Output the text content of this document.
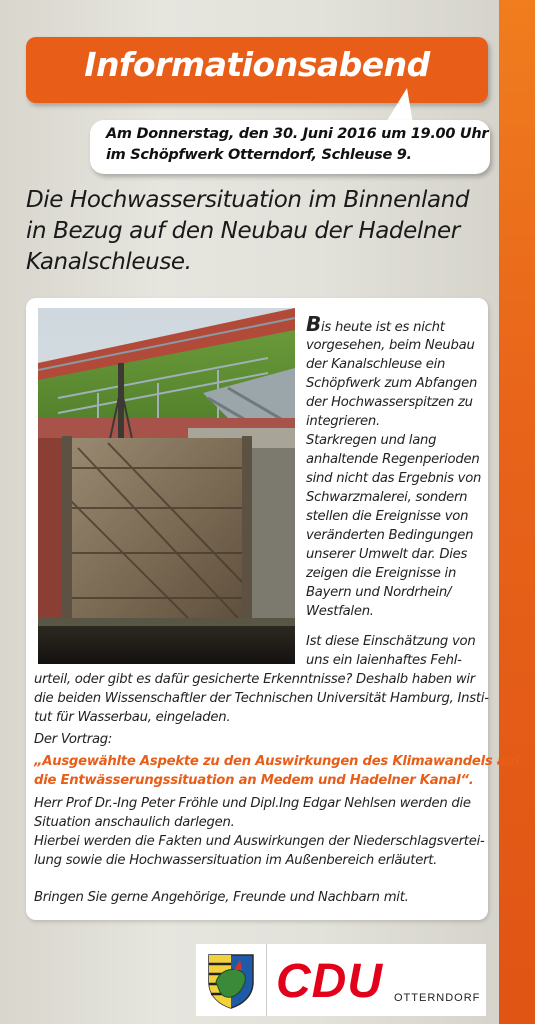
Informationsabend
Am Donnerstag, den 30. Juni 2016 um 19.00 Uhr
im Schöpfwerk Otterndorf, Schleuse 9.
Die Hochwassersituation im Binnenland
in Bezug auf den Neubau der Hadelner
Kanalschleuse.
Bis heute ist es nicht
vorgesehen, beim Neubau
der Kanalschleuse ein
Schöpfwerk zum Abfangen
der Hochwasserspitzen zu
integrieren.
Starkregen und lang
anhaltende Regenperioden
sind nicht das Ergebnis von
Schwarzmalerei, sondern
stellen die Ereignisse von
veränderten Bedingungen
unserer Umwelt dar. Dies
zeigen die Ereignisse in
Bayern und Nordrhein/
Westfalen.
Ist diese Einschätzung von
uns ein laienhaftes Fehl-
urteil, oder gibt es dafür gesicherte Erkenntnisse? Deshalb haben wir
die beiden Wissenschaftler der Technischen Universität Hamburg, Insti-
tut für Wasserbau, eingeladen.
Der Vortrag:
„Ausgewählte Aspekte zu den Auswirkungen des Klimawandels auf
die Entwässerungssituation an Medem und Hadelner Kanal“.
Herr Prof Dr.-Ing Peter Fröhle und Dipl.Ing Edgar Nehlsen werden die
Situation anschaulich darlegen.
Hierbei werden die Fakten und Auswirkungen der Niederschlagsvertei-
lung sowie die Hochwassersituation im Außenbereich erläutert.
Bringen Sie gerne Angehörige, Freunde und Nachbarn mit.
CDU OTTERNDORF
